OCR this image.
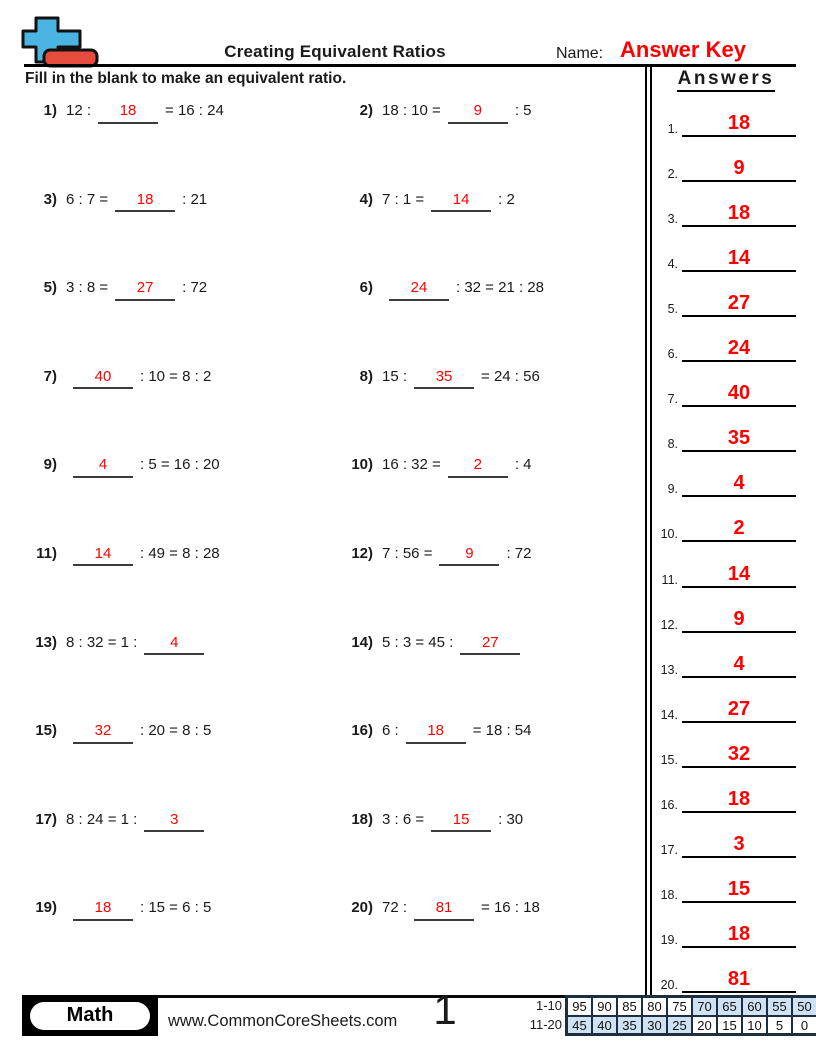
Creating Equivalent Ratios	Name: Answer Key
Fill in the blank to make an equivalent ratio.
1) 12 : 18 = 16 : 24	2) 18 : 10 = 9 : 5
3) 6 : 7 = 18 : 21	4) 7 : 1 = 14 : 2
5) 3 : 8 = 27 : 72	6)	24 : 32 = 21 : 28
7)	40 : 10 = 8 : 2	8) 15 : 35 = 24 : 56
9)	4 : 5 = 16 : 20	10) 16 : 32 = 2 : 4
11)	14 : 49 = 8 : 28	12) 7 : 56 = 9 : 72
13) 8 : 32 = 1 : 4	14) 5 : 3 = 45 : 27
15)	32 : 20 = 8 : 5	16) 6 : 18 = 18 : 54
17) 8 : 24 = 1 : 3	18) 3 : 6 = 15 : 30
19)	18 : 15 = 6 : 5	20) 72 : 81 = 16 : 18
Answers
1.	18
2.	9
3.	18
4.	14
5.	27
6.	24
7.	40
8.	35
9.	4
10.	2
11.	14
12.	9
13.	4
14.	27
15.	32
16.	18
17.	3
18.	15
19.	18
20.	81
Math	www.CommonCoreSheets.com 1	1-10
11-20
95 90 85 80 75 70 65 60 55 50
45 40 35 30 25 20 15 10	5	0
